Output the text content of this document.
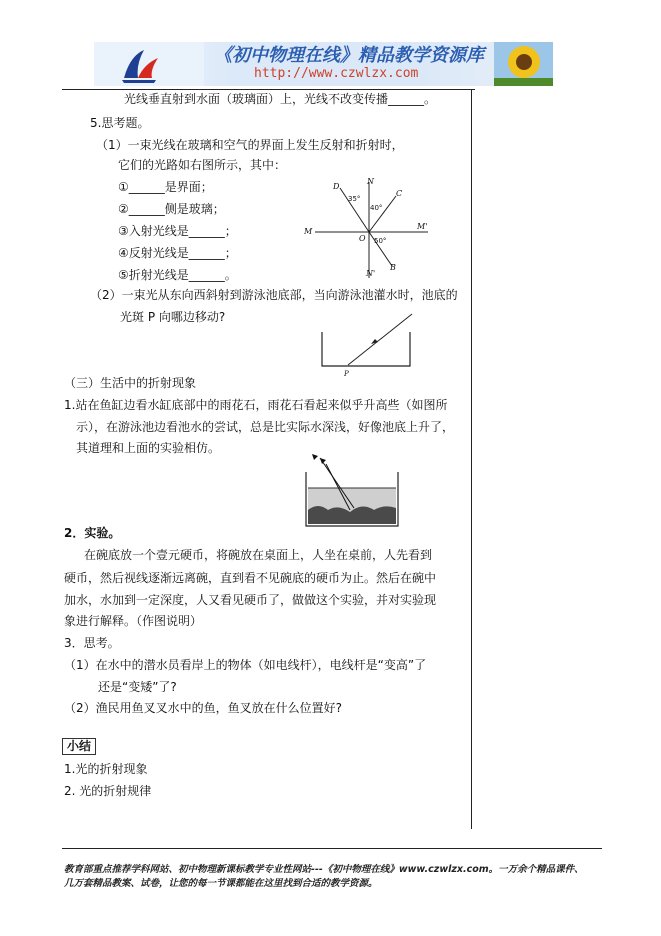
《初中物理在线》精品教学资源库
http://www.czwlzx.com
光线垂直射到水面（玻璃面）上，光线不改变传播______。
5.思考题。
（1）一束光线在玻璃和空气的界面上发生反射和折射时，
它们的光路如右图所示，其中：
①______是界面；
②______侧是玻璃；
③入射光线是______；
④反射光线是______；
⑤折射光线是______。
D
N
C
M
O
M'
N'
B
35°
40°
50°
（2）一束光从东向西斜射到游泳池底部，当向游泳池灌水时，池底的
光斑 P 向哪边移动?
P
（三）生活中的折射现象
1.站在鱼缸边看水缸底部中的雨花石，雨花石看起来似乎升高些（如图所
示），在游泳池边看池水的尝试，总是比实际水深浅，好像池底上升了，
其道理和上面的实验相仿。
2．实验。
在碗底放一个壹元硬币，将碗放在桌面上，人坐在桌前，人先看到
硬币，然后视线逐渐远离碗，直到看不见碗底的硬币为止。然后在碗中
加水，水加到一定深度，人又看见硬币了，做做这个实验，并对实验现
象进行解释。（作图说明）
3．思考。
（1）在水中的潜水员看岸上的物体（如电线杆），电线杆是“变高”了
还是“变矮”了?
（2）渔民用鱼叉叉水中的鱼，鱼叉放在什么位置好?
小结
1.光的折射现象
2. 光的折射规律
教育部重点推荐学科网站、初中物理新课标教学专业性网站---《初中物理在线》www.czwlzx.com。一万余个精品课件、
几万套精品教案、试卷，让您的每一节课都能在这里找到合适的教学资源。
